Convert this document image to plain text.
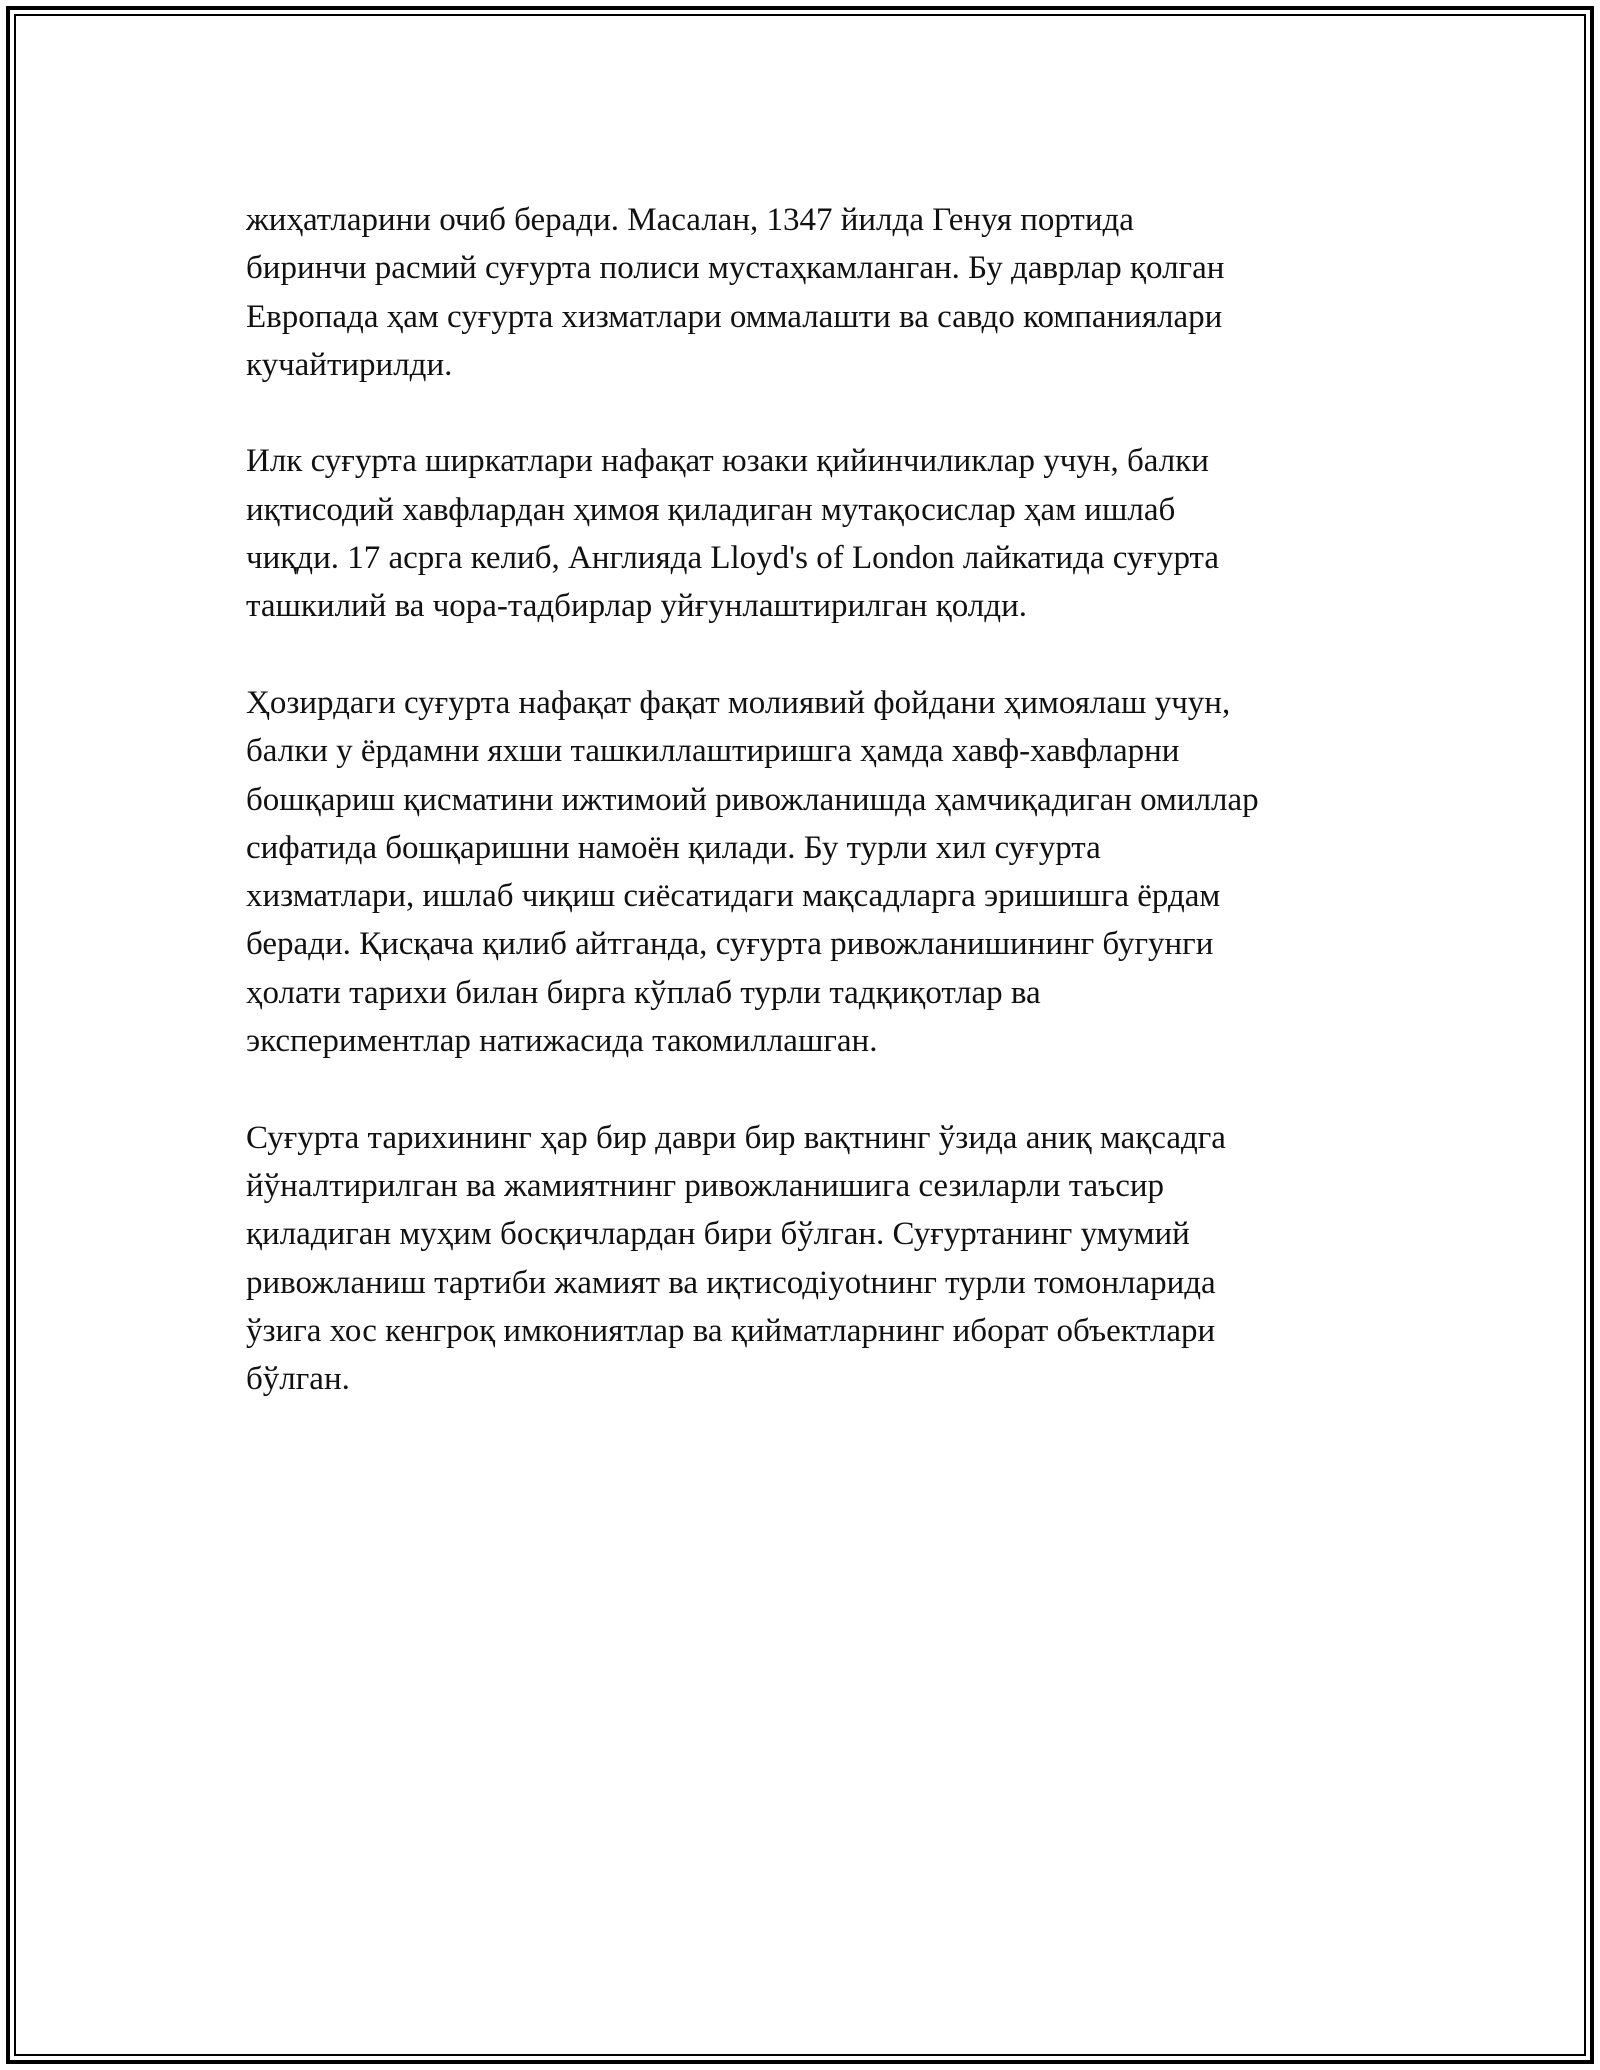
жиҳатларини очиб беради. Масалан, 1347 йилда Генуя портида
биринчи расмий суғурта полиси мустаҳкамланган. Бу даврлар қолган
Европада ҳам суғурта хизматлари оммалашти ва савдо компаниялари
кучайтирилди.

Илк суғурта ширкатлари нафақат юзаки қийинчиликлар учун, балки
иқтисодий хавфлардан ҳимоя қиладиган мутақосислар ҳам ишлаб
чиқди. 17 асрга келиб, Англияда Lloyd's of London лайкатида суғурта
ташкилий ва чора-тадбирлар уйғунлаштирилган қолди.

Ҳозирдаги суғурта нафақат фақат молиявий фойдани ҳимоялаш учун,
балки у ёрдамни яхши ташкиллаштиришга ҳамда хавф-хавфларни
бошқариш қисматини ижтимоий ривожланишда ҳамчиқадиган омиллар
сифатида бошқаришни намоён қилади. Бу турли хил суғурта
хизматлари, ишлаб чиқиш сиёсатидаги мақсадларга эришишга ёрдам
беради. Қисқача қилиб айтганда, суғурта ривожланишининг бугунги
ҳолати тарихи билан бирга кўплаб турли тадқиқотлар ва
экспериментлар натижасида такомиллашган.

Суғурта тарихининг ҳар бир даври бир вақтнинг ўзида аниқ мақсадга
йўналтирилган ва жамиятнинг ривожланишига сезиларли таъсир
қиладиган муҳим босқичлардан бири бўлган. Суғуртанинг умумий
ривожланиш тартиби жамият ва иқтисодіyotнинг турли томонларида
ўзига хос кенгроқ имкониятлар ва қийматларнинг иборат объектлари
бўлган.
